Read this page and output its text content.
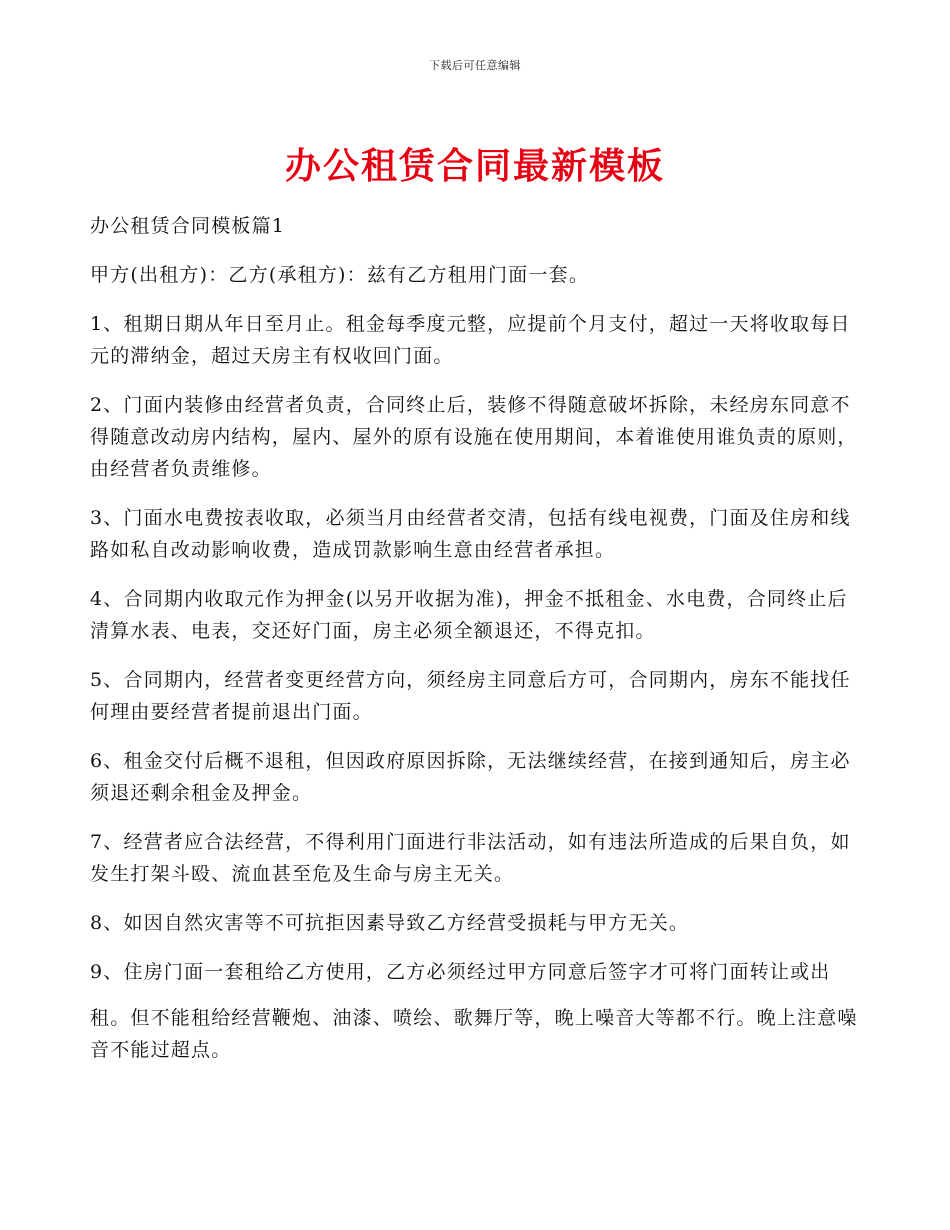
下载后可任意编辑
办公租赁合同最新模板

办公租赁合同模板篇1

甲方(出租方)：乙方(承租方)：兹有乙方租用门面一套。

1、租期日期从年日至月止。租金每季度元整，应提前个月支付，超过一天将收取每日元的滞纳金，超过天房主有权收回门面。

2、门面内装修由经营者负责，合同终止后，装修不得随意破坏拆除，未经房东同意不得随意改动房内结构，屋内、屋外的原有设施在使用期间，本着谁使用谁负责的原则，由经营者负责维修。

3、门面水电费按表收取，必须当月由经营者交清，包括有线电视费，门面及住房和线路如私自改动影响收费，造成罚款影响生意由经营者承担。

4、合同期内收取元作为押金(以另开收据为准)，押金不抵租金、水电费，合同终止后清算水表、电表，交还好门面，房主必须全额退还，不得克扣。

5、合同期内，经营者变更经营方向，须经房主同意后方可，合同期内，房东不能找任何理由要经营者提前退出门面。

6、租金交付后概不退租，但因政府原因拆除，无法继续经营，在接到通知后，房主必须退还剩余租金及押金。

7、经营者应合法经营，不得利用门面进行非法活动，如有违法所造成的后果自负，如发生打架斗殴、流血甚至危及生命与房主无关。

8、如因自然灾害等不可抗拒因素导致乙方经营受损耗与甲方无关。

9、住房门面一套租给乙方使用，乙方必须经过甲方同意后签字才可将门面转让或出

租。但不能租给经营鞭炮、油漆、喷绘、歌舞厅等，晚上噪音大等都不行。晚上注意噪音不能过超点。
